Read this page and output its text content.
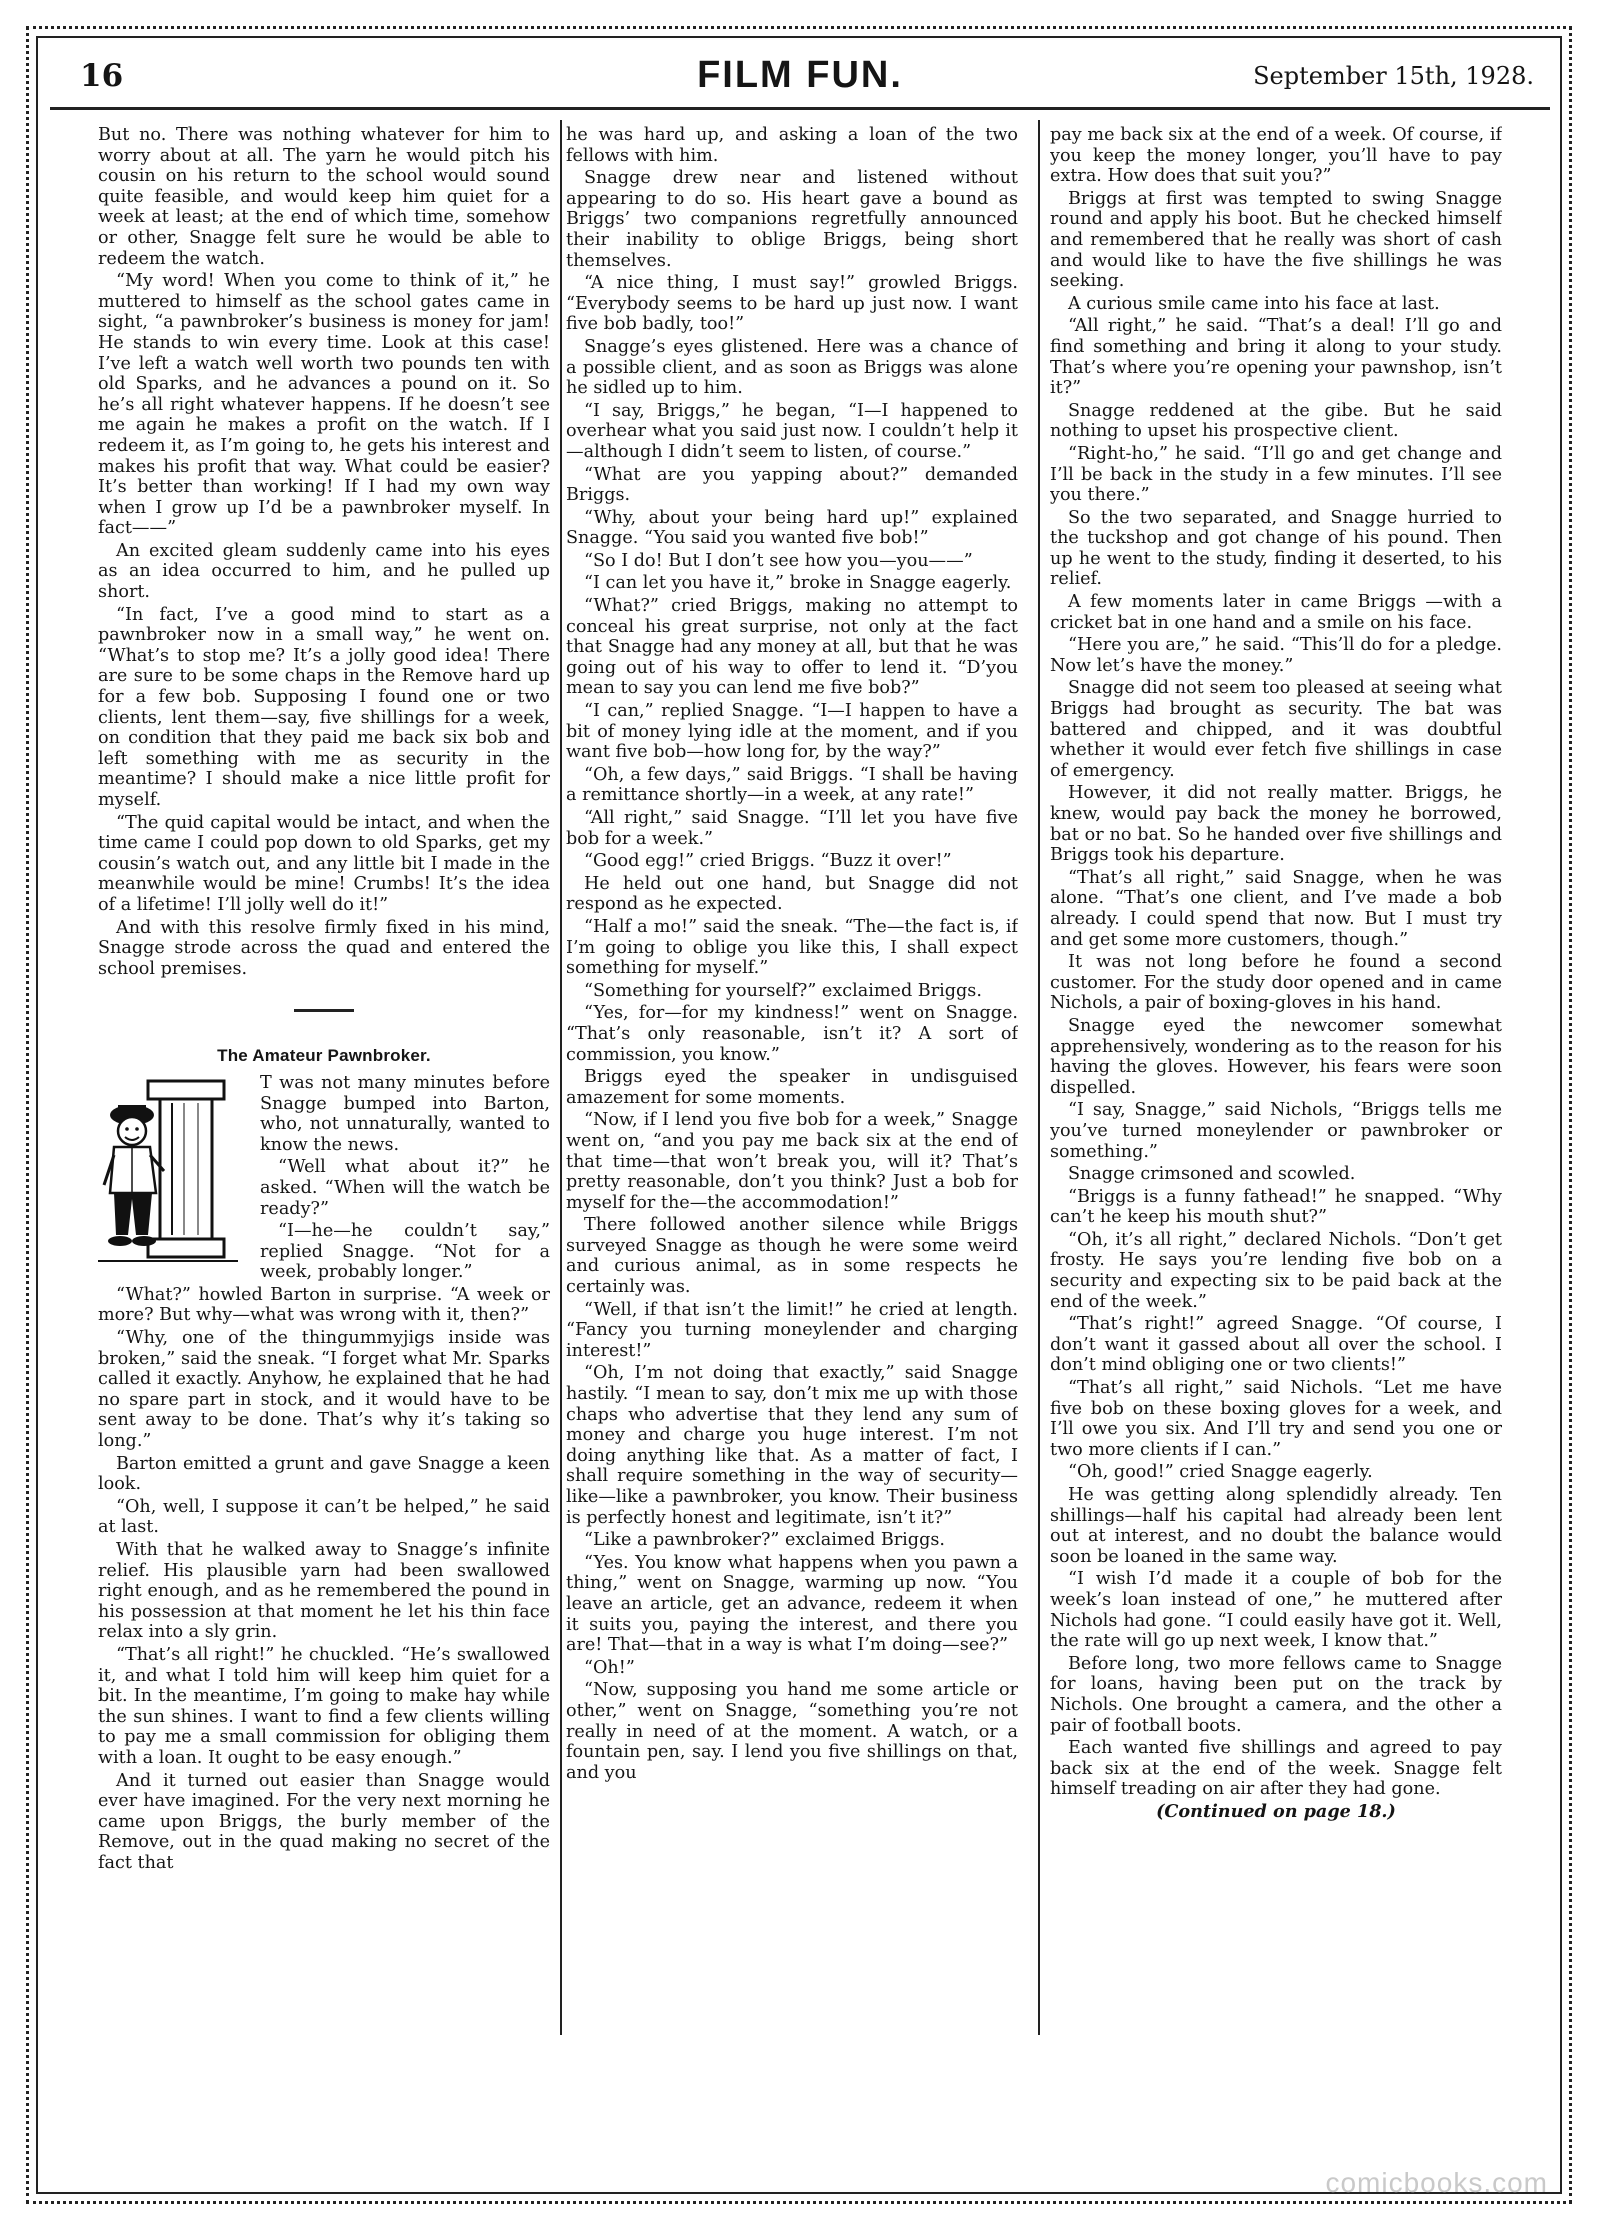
16	FILM FUN.	September 15th, 1928.

But no. There was nothing whatever for him to worry about at all. The yarn he would pitch his cousin on his return to the school would sound quite feasible, and would keep him quiet for a week at least; at the end of which time, somehow or other, Snagge felt sure he would be able to redeem the watch.

“My word! When you come to think of it,” he muttered to himself as the school gates came in sight, “a pawnbroker’s business is money for jam! He stands to win every time. Look at this case! I’ve left a watch well worth two pounds ten with old Sparks, and he advances a pound on it. So he’s all right whatever happens. If he doesn’t see me again he makes a profit on the watch. If I redeem it, as I’m going to, he gets his interest and makes his profit that way. What could be easier? It’s better than working! If I had my own way when I grow up I’d be a pawnbroker myself. In fact——”

An excited gleam suddenly came into his eyes as an idea occurred to him, and he pulled up short.

“In fact, I’ve a good mind to start as a pawnbroker now in a small way,” he went on. “What’s to stop me? It’s a jolly good idea! There are sure to be some chaps in the Remove hard up for a few bob. Supposing I found one or two clients, lent them—say, five shillings for a week, on condition that they paid me back six bob and left something with me as security in the meantime? I should make a nice little profit for myself.

“The quid capital would be intact, and when the time came I could pop down to old Sparks, get my cousin’s watch out, and any little bit I made in the meanwhile would be mine! Crumbs! It’s the idea of a lifetime! I’ll jolly well do it!”

And with this resolve firmly fixed in his mind, Snagge strode across the quad and entered the school premises.

The Amateur Pawnbroker.

T was not many minutes before Snagge bumped into Barton, who, not unnaturally, wanted to know the news.

“Well what about it?” he asked. “When will the watch be ready?”

“I—he—he couldn’t say,” replied Snagge. “Not for a week, probably longer.”

“What?” howled Barton in surprise. “A week or more? But why—what was wrong with it, then?”

“Why, one of the thingummyjigs inside was broken,” said the sneak. “I forget what Mr. Sparks called it exactly. Anyhow, he explained that he had no spare part in stock, and it would have to be sent away to be done. That’s why it’s taking so long.”

Barton emitted a grunt and gave Snagge a keen look.

“Oh, well, I suppose it can’t be helped,” he said at last.

With that he walked away to Snagge’s infinite relief. His plausible yarn had been swallowed right enough, and as he remembered the pound in his possession at that moment he let his thin face relax into a sly grin.

“That’s all right!” he chuckled. “He’s swallowed it, and what I told him will keep him quiet for a bit. In the meantime, I’m going to make hay while the sun shines. I want to find a few clients willing to pay me a small commission for obliging them with a loan. It ought to be easy enough.”

And it turned out easier than Snagge would ever have imagined. For the very next morning he came upon Briggs, the burly member of the Remove, out in the quad making no secret of the fact that

he was hard up, and asking a loan of the two fellows with him.

Snagge drew near and listened without appearing to do so. His heart gave a bound as Briggs’ two companions regretfully announced their inability to oblige Briggs, being short themselves.

“A nice thing, I must say!” growled Briggs. “Everybody seems to be hard up just now. I want five bob badly, too!”

Snagge’s eyes glistened. Here was a chance of a possible client, and as soon as Briggs was alone he sidled up to him.

“I say, Briggs,” he began, “I—I happened to overhear what you said just now. I couldn’t help it—although I didn’t seem to listen, of course.”

“What are you yapping about?” demanded Briggs.

“Why, about your being hard up!” explained Snagge. “You said you wanted five bob!”

“So I do! But I don’t see how you—you——”

“I can let you have it,” broke in Snagge eagerly.

“What?” cried Briggs, making no attempt to conceal his great surprise, not only at the fact that Snagge had any money at all, but that he was going out of his way to offer to lend it. “D’you mean to say you can lend me five bob?”

“I can,” replied Snagge. “I—I happen to have a bit of money lying idle at the moment, and if you want five bob—how long for, by the way?”

“Oh, a few days,” said Briggs. “I shall be having a remittance shortly—in a week, at any rate!”

“All right,” said Snagge. “I’ll let you have five bob for a week.”

“Good egg!” cried Briggs. “Buzz it over!”

He held out one hand, but Snagge did not respond as he expected.

“Half a mo!” said the sneak. “The—the fact is, if I’m going to oblige you like this, I shall expect something for myself.”

“Something for yourself?” exclaimed Briggs.

“Yes, for—for my kindness!” went on Snagge. “That’s only reasonable, isn’t it? A sort of commission, you know.”

Briggs eyed the speaker in undisguised amazement for some moments.

“Now, if I lend you five bob for a week,” Snagge went on, “and you pay me back six at the end of that time—that won’t break you, will it? That’s pretty reasonable, don’t you think? Just a bob for myself for the—the accommodation!”

There followed another silence while Briggs surveyed Snagge as though he were some weird and curious animal, as in some respects he certainly was.

“Well, if that isn’t the limit!” he cried at length. “Fancy you turning moneylender and charging interest!”

“Oh, I’m not doing that exactly,” said Snagge hastily. “I mean to say, don’t mix me up with those chaps who advertise that they lend any sum of money and charge you huge interest. I’m not doing anything like that. As a matter of fact, I shall require something in the way of security—like—like a pawnbroker, you know. Their business is perfectly honest and legitimate, isn’t it?”

“Like a pawnbroker?” exclaimed Briggs.

“Yes. You know what happens when you pawn a thing,” went on Snagge, warming up now. “You leave an article, get an advance, redeem it when it suits you, paying the interest, and there you are! That—that in a way is what I’m doing—see?”

“Oh!”

“Now, supposing you hand me some article or other,” went on Snagge, “something you’re not really in need of at the moment. A watch, or a fountain pen, say. I lend you five shillings on that, and you

pay me back six at the end of a week. Of course, if you keep the money longer, you’ll have to pay extra. How does that suit you?”

Briggs at first was tempted to swing Snagge round and apply his boot. But he checked himself and remembered that he really was short of cash and would like to have the five shillings he was seeking.

A curious smile came into his face at last.

“All right,” he said. “That’s a deal! I’ll go and find something and bring it along to your study. That’s where you’re opening your pawnshop, isn’t it?”

Snagge reddened at the gibe. But he said nothing to upset his prospective client.

“Right-ho,” he said. “I’ll go and get change and I’ll be back in the study in a few minutes. I’ll see you there.”

So the two separated, and Snagge hurried to the tuckshop and got change of his pound. Then up he went to the study, finding it deserted, to his relief.

A few moments later in came Briggs —with a cricket bat in one hand and a smile on his face.

“Here you are,” he said. “This’ll do for a pledge. Now let’s have the money.”

Snagge did not seem too pleased at seeing what Briggs had brought as security. The bat was battered and chipped, and it was doubtful whether it would ever fetch five shillings in case of emergency.

However, it did not really matter. Briggs, he knew, would pay back the money he borrowed, bat or no bat. So he handed over five shillings and Briggs took his departure.

“That’s all right,” said Snagge, when he was alone. “That’s one client, and I’ve made a bob already. I could spend that now. But I must try and get some more customers, though.”

It was not long before he found a second customer. For the study door opened and in came Nichols, a pair of boxing-gloves in his hand.

Snagge eyed the newcomer somewhat apprehensively, wondering as to the reason for his having the gloves. However, his fears were soon dispelled.

“I say, Snagge,” said Nichols, “Briggs tells me you’ve turned moneylender or pawnbroker or something.”

Snagge crimsoned and scowled.

“Briggs is a funny fathead!” he snapped. “Why can’t he keep his mouth shut?”

“Oh, it’s all right,” declared Nichols. “Don’t get frosty. He says you’re lending five bob on a security and expecting six to be paid back at the end of the week.”

“That’s right!” agreed Snagge. “Of course, I don’t want it gassed about all over the school. I don’t mind obliging one or two clients!”

“That’s all right,” said Nichols. “Let me have five bob on these boxing gloves for a week, and I’ll owe you six. And I’ll try and send you one or two more clients if I can.”

“Oh, good!” cried Snagge eagerly.

He was getting along splendidly already. Ten shillings—half his capital had already been lent out at interest, and no doubt the balance would soon be loaned in the same way.

“I wish I’d made it a couple of bob for the week’s loan instead of one,” he muttered after Nichols had gone. “I could easily have got it. Well, the rate will go up next week, I know that.”

Before long, two more fellows came to Snagge for loans, having been put on the track by Nichols. One brought a camera, and the other a pair of football boots.

Each wanted five shillings and agreed to pay back six at the end of the week. Snagge felt himself treading on air after they had gone.

(Continued on page 18.)

comicbooks.com
